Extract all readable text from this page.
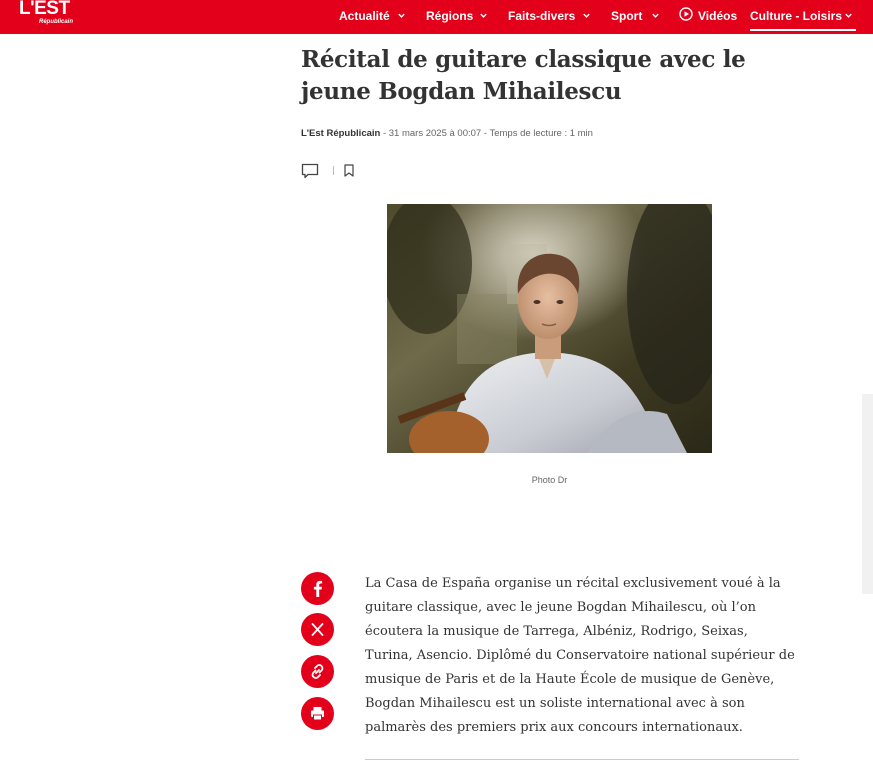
L'EST
Républicain	Actualité	Régions	Faits-divers	Sport	Vidéos Culture - Loisirs
Récital de guitare classique avec le jeune Bogdan Mihailescu
L'Est Républicain - 31 mars 2025 à 00:07 - Temps de lecture : 1 min
Photo Dr

La Casa de España organise un récital exclusivement voué à la guitare classique, avec le jeune Bogdan Mihailescu, où l’on écoutera la musique de Tarrega, Albéniz, Rodrigo, Seixas, Turina, Asencio. Diplômé du Conservatoire national supérieur de musique de Paris et de la Haute École de musique de Genève, Bogdan Mihailescu est un soliste international avec à son palmarès des premiers prix aux concours internationaux.
